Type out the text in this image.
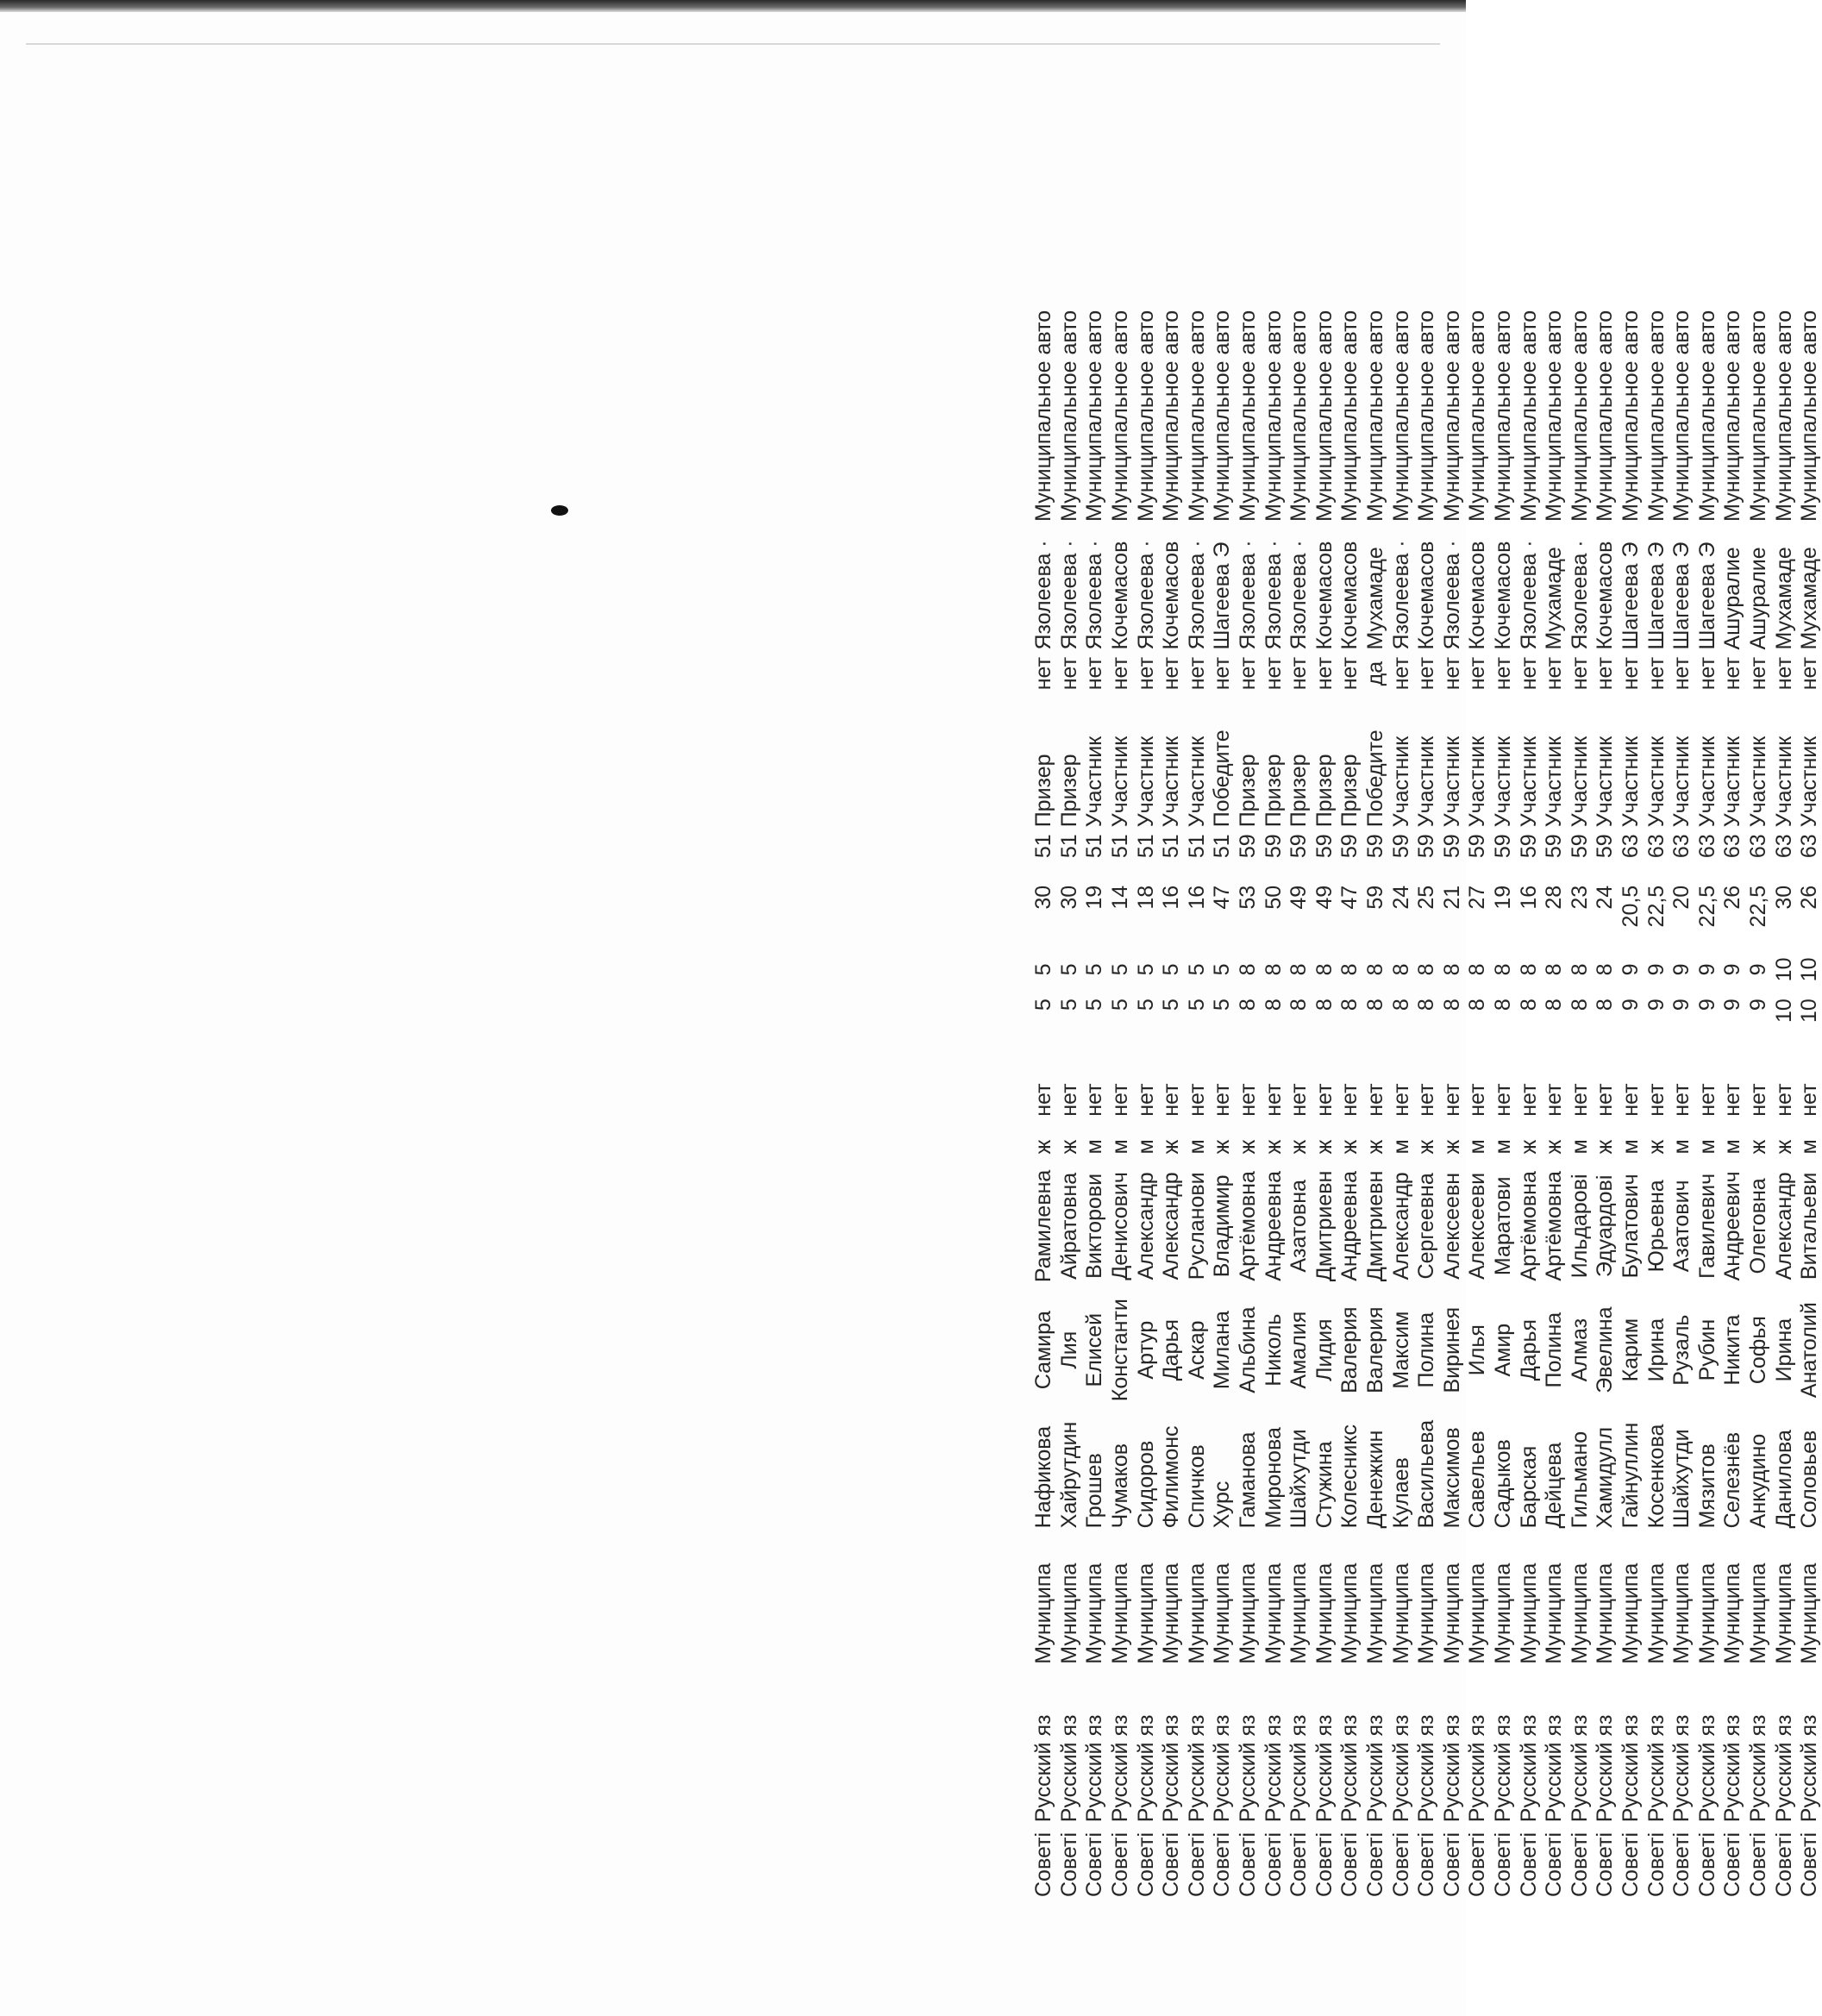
Советі	Русский яз	Муниципа	Нафикова	Самира	Рамилевна	ж	нет	5	5	30	51	Призер	нет	Язолеева ·	Муниципальное авто
Советі	Русский яз	Муниципа	Хайрутдин	Лия	Айратовна	ж	нет	5	5	30	51	Призер	нет	Язолеева ·	Муниципальное авто
Советі	Русский яз	Муниципа	Грошев	Елисей	Викторови	м	нет	5	5	19	51	Участник	нет	Язолеева ·	Муниципальное авто
Советі	Русский яз	Муниципа	Чумаков	Константи	Денисович	м	нет	5	5	14	51	Участник	нет	Кочемасов	Муниципальное авто
Советі	Русский яз	Муниципа	Сидоров	Артур	Александр	м	нет	5	5	18	51	Участник	нет	Язолеева ·	Муниципальное авто
Советі	Русский яз	Муниципа	Филимонс	Дарья	Александр	ж	нет	5	5	16	51	Участник	нет	Кочемасов	Муниципальное авто
Советі	Русский яз	Муниципа	Спичков	Аскар	Русланови	м	нет	5	5	16	51	Участник	нет	Язолеева ·	Муниципальное авто
Советі	Русский яз	Муниципа	Хурс	Милана	Владимир	ж	нет	5	5	47	51	Победите	нет	Шагеева Э	Муниципальное авто
Советі	Русский яз	Муниципа	Гаманова	Альбина	Артёмовна	ж	нет	8	8	53	59	Призер	нет	Язолеева ·	Муниципальное авто
Советі	Русский яз	Муниципа	Миронова	Николь	Андреевна	ж	нет	8	8	50	59	Призер	нет	Язолеева ·	Муниципальное авто
Советі	Русский яз	Муниципа	Шайхутди	Амалия	Азатовна	ж	нет	8	8	49	59	Призер	нет	Язолеева ·	Муниципальное авто
Советі	Русский яз	Муниципа	Стужина	Лидия	Дмитриевн	ж	нет	8	8	49	59	Призер	нет	Кочемасов	Муниципальное авто
Советі	Русский яз	Муниципа	Колесникс	Валерия	Андреевна	ж	нет	8	8	47	59	Призер	нет	Кочемасов	Муниципальное авто
Советі	Русский яз	Муниципа	Денежкин	Валерия	Дмитриевн	ж	нет	8	8	59	59	Победите	да	Мухамаде	Муниципальное авто
Советі	Русский яз	Муниципа	Кулаев	Максим	Александр	м	нет	8	8	24	59	Участник	нет	Язолеева ·	Муниципальное авто
Советі	Русский яз	Муниципа	Васильева	Полина	Сергеевна	ж	нет	8	8	25	59	Участник	нет	Кочемасов	Муниципальное авто
Советі	Русский яз	Муниципа	Максимов	Виринея	Алексеевн	ж	нет	8	8	21	59	Участник	нет	Язолеева ·	Муниципальное авто
Советі	Русский яз	Муниципа	Савельев	Илья	Алексееви	м	нет	8	8	27	59	Участник	нет	Кочемасов	Муниципальное авто
Советі	Русский яз	Муниципа	Садыков	Амир	Маратови	м	нет	8	8	19	59	Участник	нет	Кочемасов	Муниципальное авто
Советі	Русский яз	Муниципа	Барская	Дарья	Артёмовна	ж	нет	8	8	16	59	Участник	нет	Язолеева ·	Муниципальное авто
Советі	Русский яз	Муниципа	Дейцева	Полина	Артёмовна	ж	нет	8	8	28	59	Участник	нет	Мухамаде	Муниципальное авто
Советі	Русский яз	Муниципа	Гильмано	Алмаз	Ильдарові	м	нет	8	8	23	59	Участник	нет	Язолеева ·	Муниципальное авто
Советі	Русский яз	Муниципа	Хамидулл	Эвелина	Эдуардові	ж	нет	8	8	24	59	Участник	нет	Кочемасов	Муниципальное авто
Советі	Русский яз	Муниципа	Гайнуллин	Карим	Булатович	м	нет	9	9	20,5	63	Участник	нет	Шагеева Э	Муниципальное авто
Советі	Русский яз	Муниципа	Косенкова	Ирина	Юрьевна	ж	нет	9	9	22,5	63	Участник	нет	Шагеева Э	Муниципальное авто
Советі	Русский яз	Муниципа	Шайхутди	Рузаль	Азатович	м	нет	9	9	20	63	Участник	нет	Шагеева Э	Муниципальное авто
Советі	Русский яз	Муниципа	Мязитов	Рубин	Гавилевич	м	нет	9	9	22,5	63	Участник	нет	Шагеева Э	Муниципальное авто
Советі	Русский яз	Муниципа	Селезнёв	Никита	Андреевич	м	нет	9	9	26	63	Участник	нет	Ашуралие	Муниципальное авто
Советі	Русский яз	Муниципа	Анкудино	Софья	Олеговна	ж	нет	9	9	22,5	63	Участник	нет	Ашуралие	Муниципальное авто
Советі	Русский яз	Муниципа	Данилова	Ирина	Александр	ж	нет	10	10	30	63	Участник	нет	Мухамаде	Муниципальное авто
Советі	Русский яз	Муниципа	Соловьев	Анатолий	Витальеви	м	нет	10	10	26	63	Участник	нет	Мухамаде	Муниципальное авто
